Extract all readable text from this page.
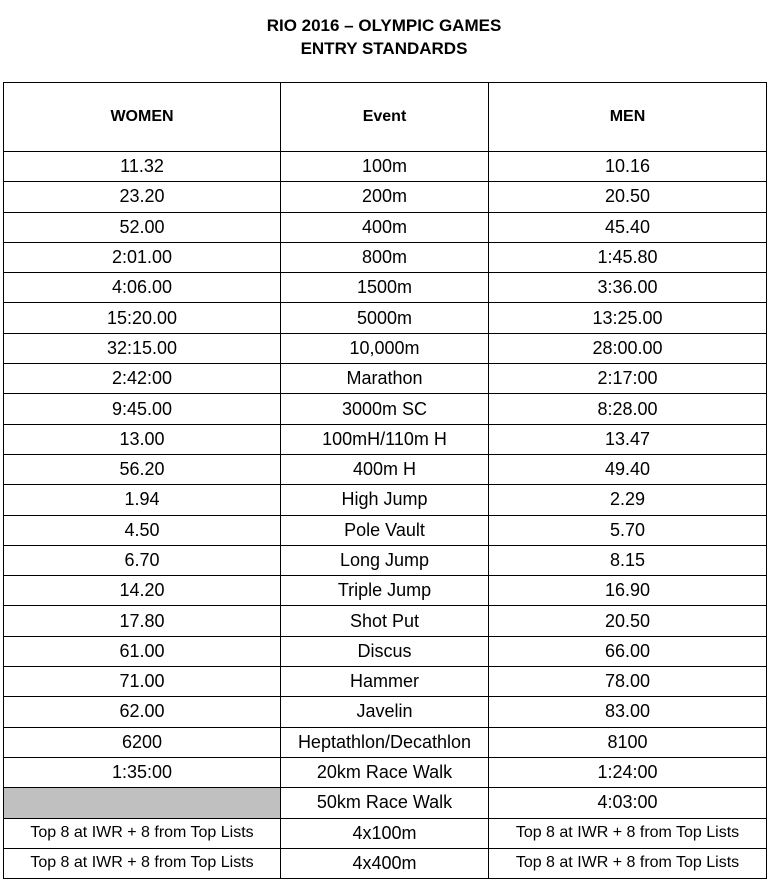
RIO 2016 – OLYMPIC GAMES
ENTRY STANDARDS
WOMEN	Event	MEN
11.32	100m	10.16
23.20	200m	20.50
52.00	400m	45.40
2:01.00	800m	1:45.80
4:06.00	1500m	3:36.00
15:20.00	5000m	13:25.00
32:15.00	10,000m	28:00.00
2:42:00	Marathon	2:17:00
9:45.00	3000m SC	8:28.00
13.00	100mH/110m H	13.47
56.20	400m H	49.40
1.94	High Jump	2.29
4.50	Pole Vault	5.70
6.70	Long Jump	8.15
14.20	Triple Jump	16.90
17.80	Shot Put	20.50
61.00	Discus	66.00
71.00	Hammer	78.00
62.00	Javelin	83.00
6200	Heptathlon/Decathlon	8100
1:35:00	20km Race Walk	1:24:00
	50km Race Walk	4:03:00
Top 8 at IWR + 8 from Top Lists	4x100m	Top 8 at IWR + 8 from Top Lists
Top 8 at IWR + 8 from Top Lists	4x400m	Top 8 at IWR + 8 from Top Lists
